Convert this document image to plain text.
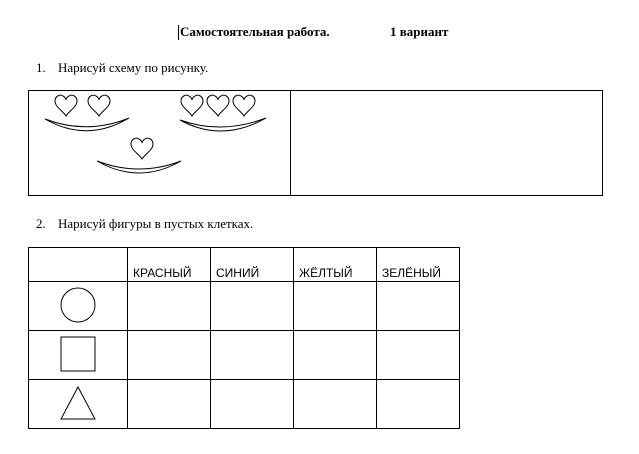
Самостоятельная работа.	1 вариант
1. Нарисуй схему по рисунку.
2. Нарисуй фигуры в пустых клетках.

	КРАСНЫЙ	СИНИЙ	ЖЁЛТЫЙ	ЗЕЛЁНЫЙ
